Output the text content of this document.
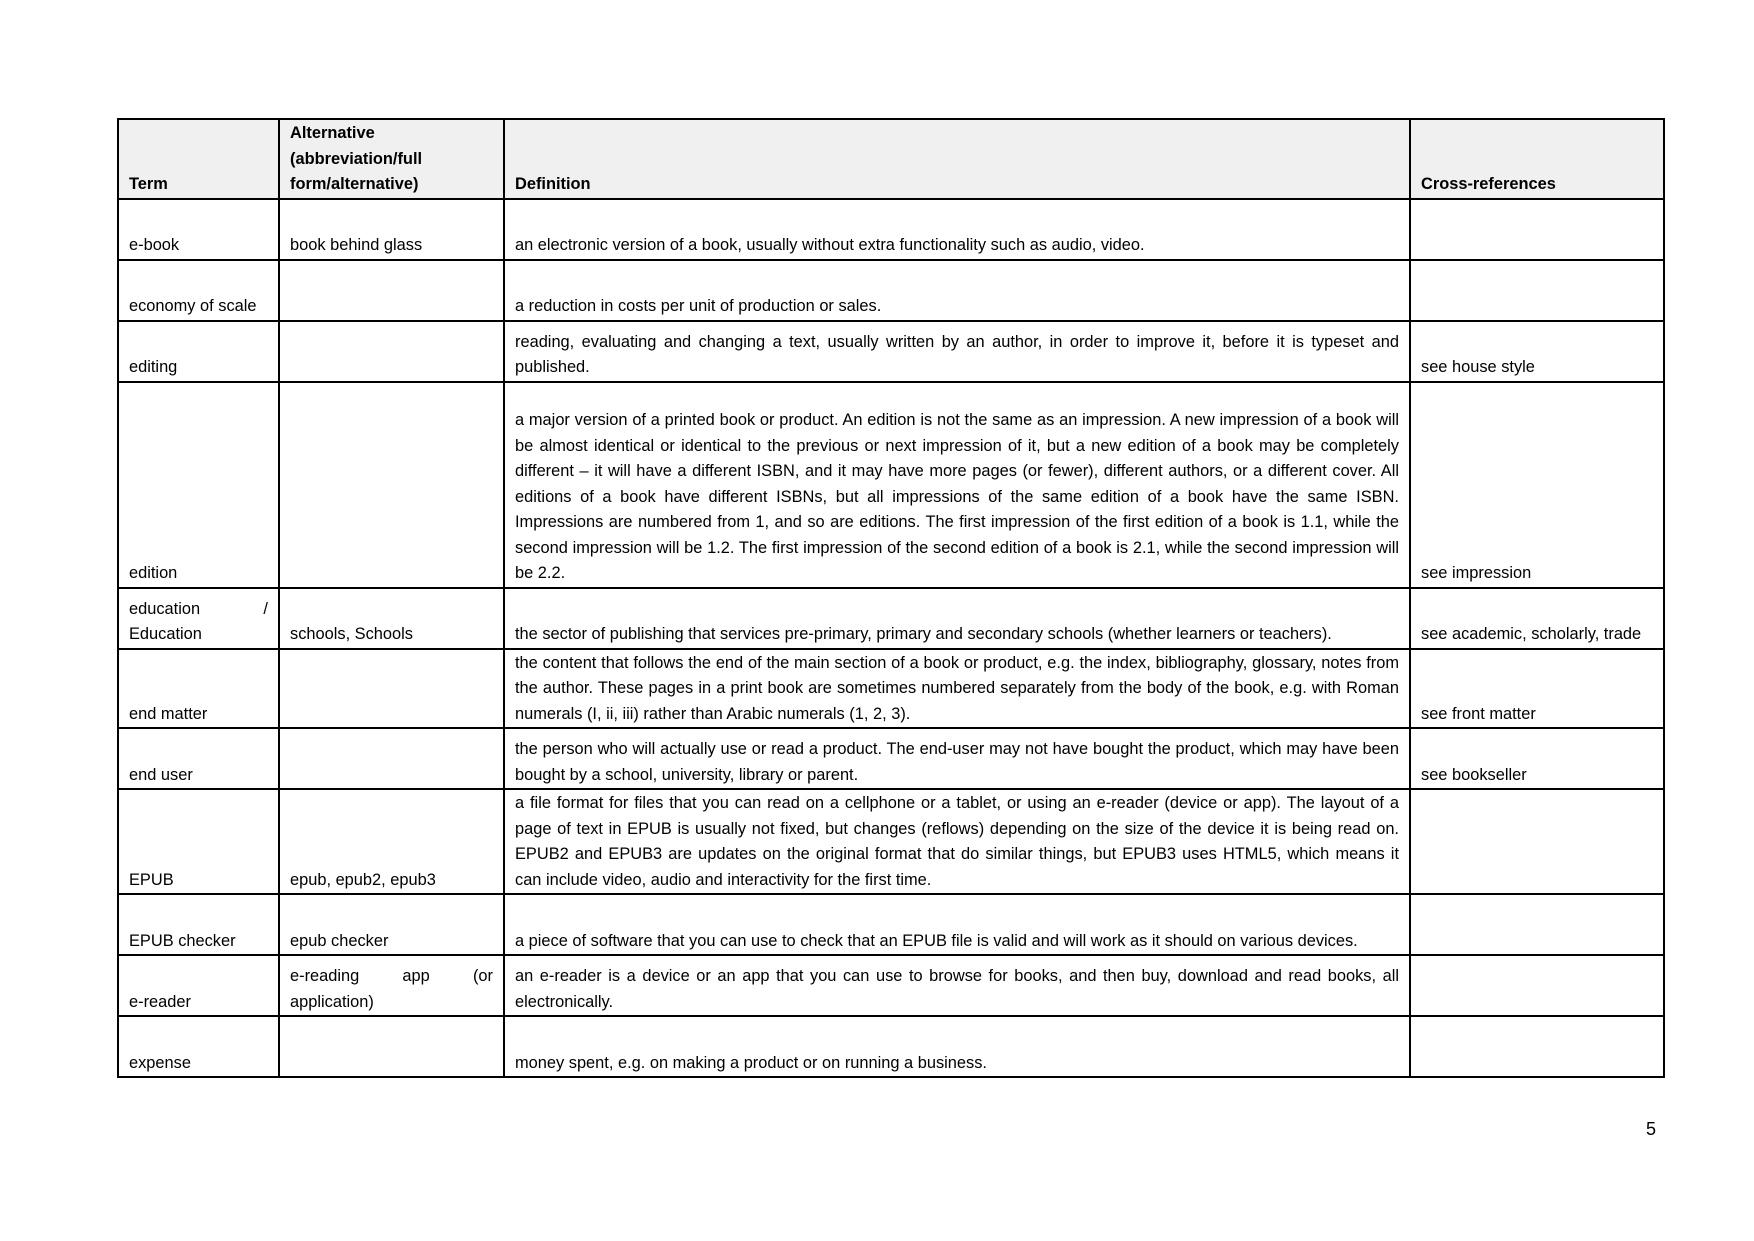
Term	Alternative (abbreviation/full form/alternative)	Definition	Cross-references
e-book	book behind glass	an electronic version of a book, usually without extra functionality such as audio, video.	
economy of scale		a reduction in costs per unit of production or sales.	
editing		reading, evaluating and changing a text, usually written by an author, in order to improve it, before it is typeset and published.	see house style
edition		a major version of a printed book or product. An edition is not the same as an impression. A new impression of a book will be almost identical or identical to the previous or next impression of it, but a new edition of a book may be completely different – it will have a different ISBN, and it may have more pages (or fewer), different authors, or a different cover. All editions of a book have different ISBNs, but all impressions of the same edition of a book have the same ISBN. Impressions are numbered from 1, and so are editions. The first impression of the first edition of a book is 1.1, while the second impression will be 1.2. The first impression of the second edition of a book is 2.1, while the second impression will be 2.2.	see impression
education / Education	schools, Schools	the sector of publishing that services pre-primary, primary and secondary schools (whether learners or teachers).	see academic, scholarly, trade
end matter		the content that follows the end of the main section of a book or product, e.g. the index, bibliography, glossary, notes from the author. These pages in a print book are sometimes numbered separately from the body of the book, e.g. with Roman numerals (I, ii, iii) rather than Arabic numerals (1, 2, 3).	see front matter
end user		the person who will actually use or read a product. The end-user may not have bought the product, which may have been bought by a school, university, library or parent.	see bookseller
EPUB	epub, epub2, epub3	a file format for files that you can read on a cellphone or a tablet, or using an e-reader (device or app). The layout of a page of text in EPUB is usually not fixed, but changes (reflows) depending on the size of the device it is being read on. EPUB2 and EPUB3 are updates on the original format that do similar things, but EPUB3 uses HTML5, which means it can include video, audio and interactivity for the first time.	
EPUB checker	epub checker	a piece of software that you can use to check that an EPUB file is valid and will work as it should on various devices.	
e-reader	e-reading app (or application)	an e-reader is a device or an app that you can use to browse for books, and then buy, download and read books, all electronically.	
expense		money spent, e.g. on making a product or on running a business.	
5
